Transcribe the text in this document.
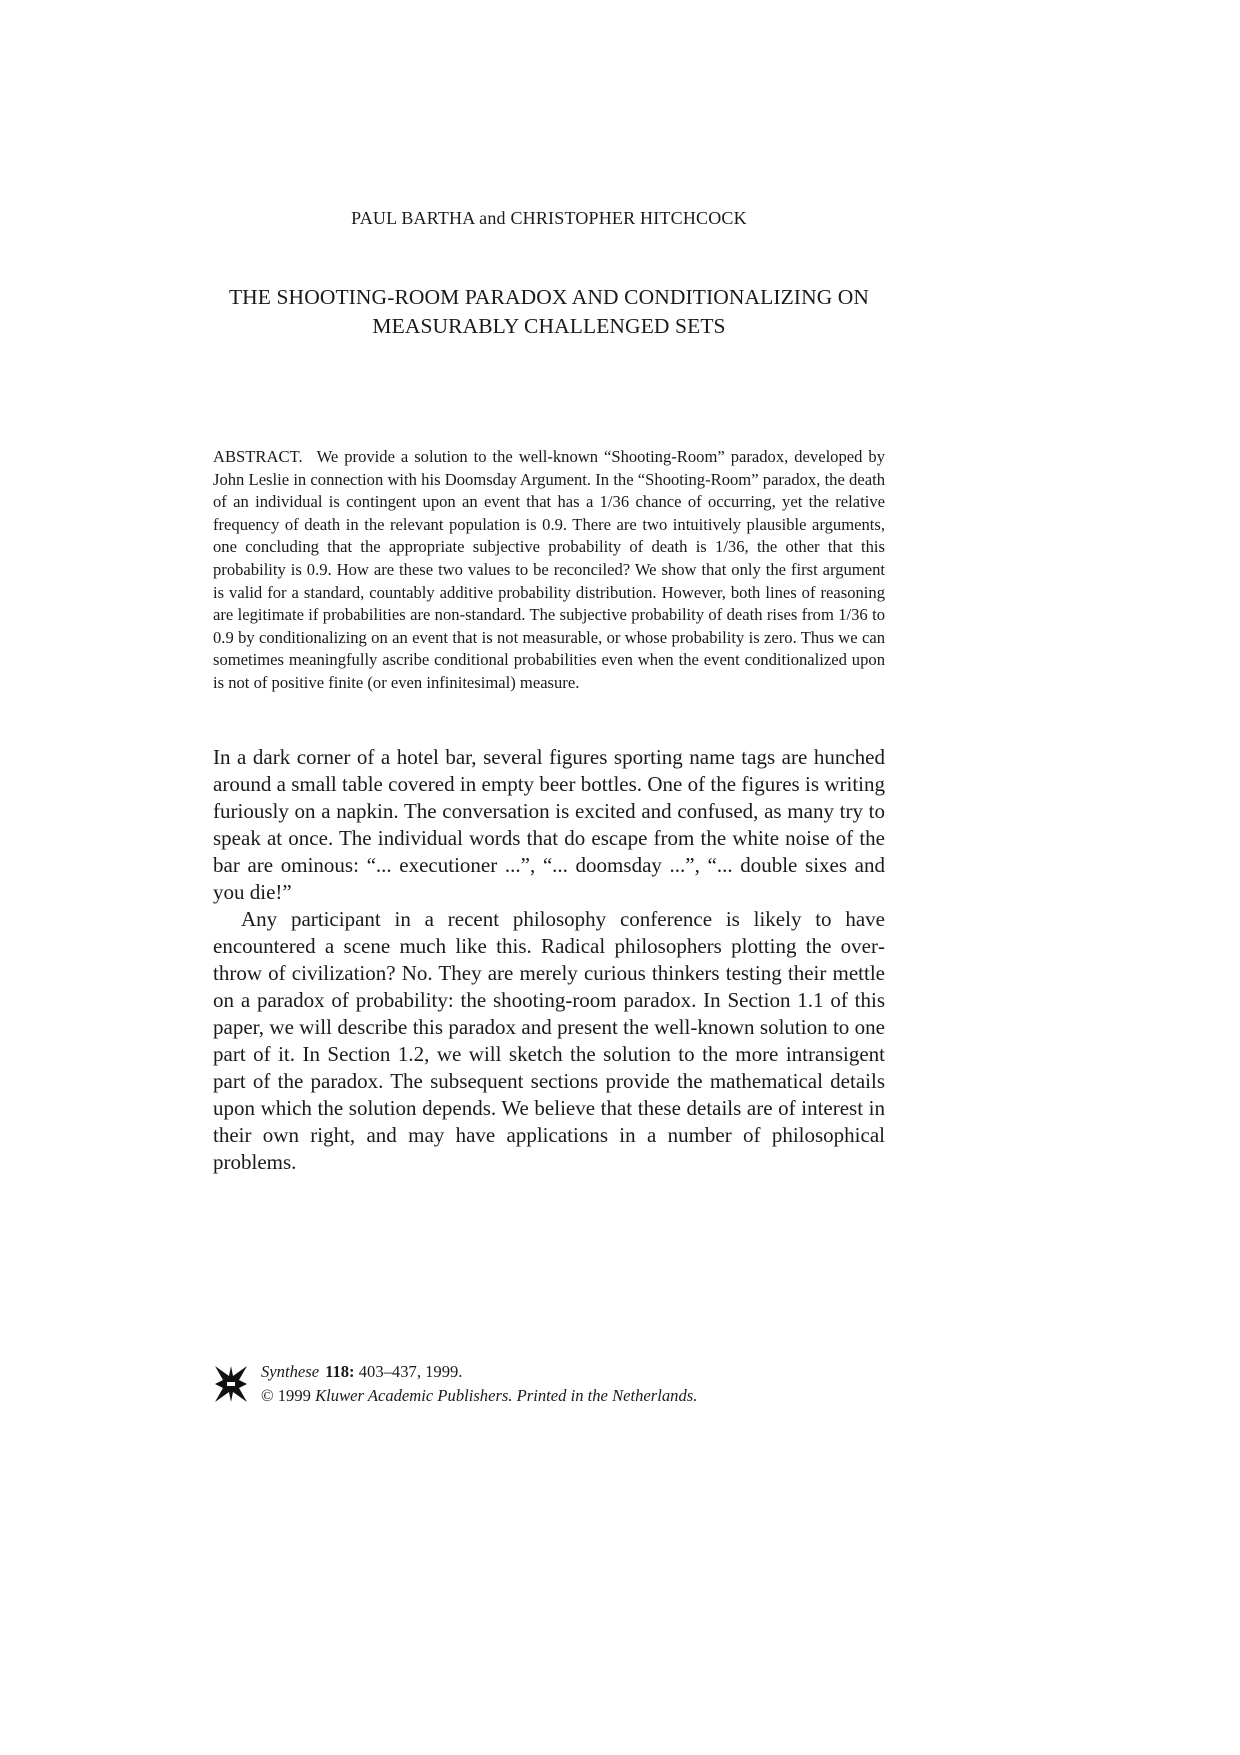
PAUL BARTHA and CHRISTOPHER HITCHCOCK
THE SHOOTING-ROOM PARADOX AND CONDITIONALIZING ON
MEASURABLY CHALLENGED SETS
ABSTRACT. We provide a solution to the well-known “Shooting-Room” paradox, developed by John Leslie in connection with his Doomsday Argument. In the “Shooting-Room” paradox, the death of an individual is contingent upon an event that has a 1/36 chance of occurring, yet the relative frequency of death in the relevant population is 0.9. There are two intuitively plausible arguments, one concluding that the appropriate subjective probability of death is 1/36, the other that this probability is 0.9. How are these two values to be reconciled? We show that only the first argument is valid for a standard, countably additive probability distribution. However, both lines of reasoning are legitimate if probabilities are non-standard. The subjective probability of death rises from 1/36 to 0.9 by conditionalizing on an event that is not measurable, or whose probability is zero. Thus we can sometimes meaningfully ascribe conditional probabilities even when the event conditionalized upon is not of positive finite (or even infinitesimal) measure.

In a dark corner of a hotel bar, several figures sporting name tags are hunched around a small table covered in empty beer bottles. One of the figures is writing furiously on a napkin. The conversation is excited and confused, as many try to speak at once. The individual words that do escape from the white noise of the bar are ominous: “... executioner ...”, “... doomsday ...”, “... double sixes and you die!”

Any participant in a recent philosophy conference is likely to have encountered a scene much like this. Radical philosophers plotting the overthrow of civilization? No. They are merely curious thinkers testing their mettle on a paradox of probability: the shooting-room paradox. In Section 1.1 of this paper, we will describe this paradox and present the well-known solution to one part of it. In Section 1.2, we will sketch the solution to the more intransigent part of the paradox. The subsequent sections provide the mathematical details upon which the solution depends. We believe that these details are of interest in their own right, and may have applications in a number of philosophical problems.

Synthese 118: 403–437, 1999.
© 1999 Kluwer Academic Publishers. Printed in the Netherlands.
